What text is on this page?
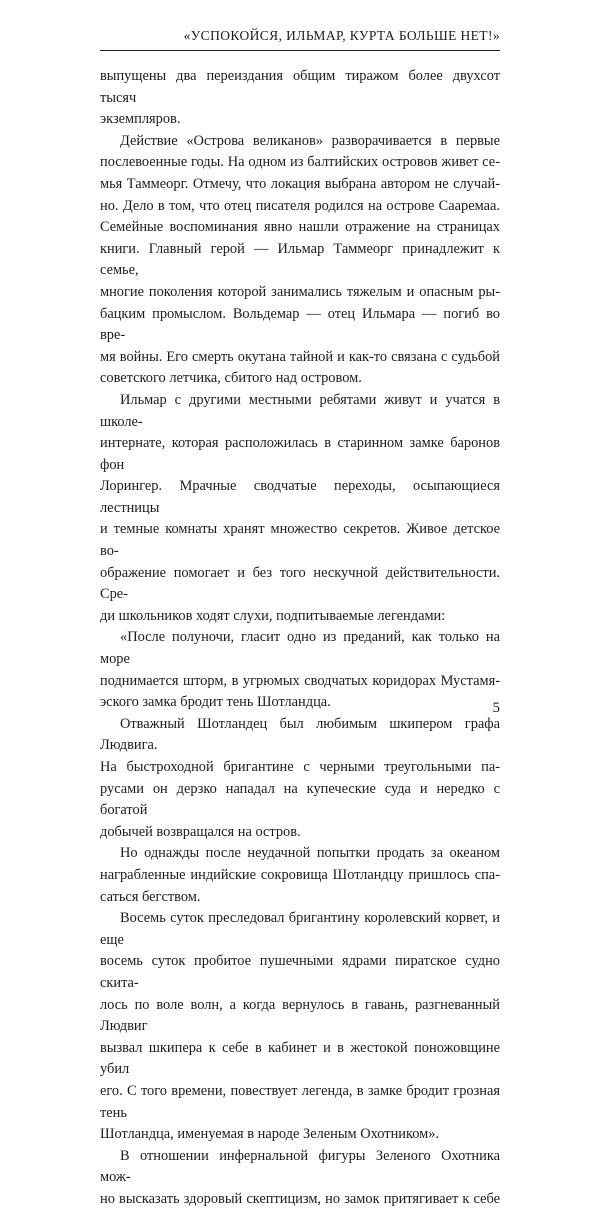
«УСПОКОЙСЯ, ИЛЬМАР, КУРТА БОЛЬШЕ НЕТ!»

выпущены два переиздания общим тиражом более двухсот тысяч

экземпляров.

Действие «Острова великанов» разворачивается в первые

послевоенные годы. На одном из балтийских островов живет се-

мья Таммеорг. Отмечу, что локация выбрана автором не случай-

но. Дело в том, что отец писателя родился на острове Сааремаа.

Семейные воспоминания явно нашли отражение на страницах

книги. Главный герой — Ильмар Таммеорг принадлежит к семье,

многие поколения которой занимались тяжелым и опасным ры-

бацким промыслом. Вольдемар — отец Ильмара — погиб во вре-

мя войны. Его смерть окутана тайной и как-то связана с судьбой

советского летчика, сбитого над островом.

Ильмар с другими местными ребятами живут и учатся в школе-

интернате, которая расположилась в старинном замке баронов фон

Лорингер. Мрачные сводчатые переходы, осыпающиеся лестницы

и темные комнаты хранят множество секретов. Живое детское во-

ображение помогает и без того нескучной действительности. Сре-

ди школьников ходят слухи, подпитываемые легендами:

«После полуночи, гласит одно из преданий, как только на море

поднимается шторм, в угрюмых сводчатых коридорах Мустамя-

эского замка бродит тень Шотландца.

Отважный Шотландец был любимым шкипером графа Людвига.

На быстроходной бригантине с черными треугольными па-

русами он дерзко нападал на купеческие суда и нередко с богатой

добычей возвращался на остров.

Но однажды после неудачной попытки продать за океаном

награбленные индийские сокровища Шотландцу пришлось спа-

саться бегством.

Восемь суток преследовал бригантину королевский корвет, и еще

восемь суток пробитое пушечными ядрами пиратское судно скита-

лось по воле волн, а когда вернулось в гавань, разгневанный Людвиг

вызвал шкипера к себе в кабинет и в жестокой поножовщине убил

его. С того времени, повествует легенда, в замке бродит грозная тень

Шотландца, именуемая в народе Зеленым Охотником».

В отношении инфернальной фигуры Зеленого Охотника мож-

но высказать здоровый скептицизм, но замок притягивает к себе

5
